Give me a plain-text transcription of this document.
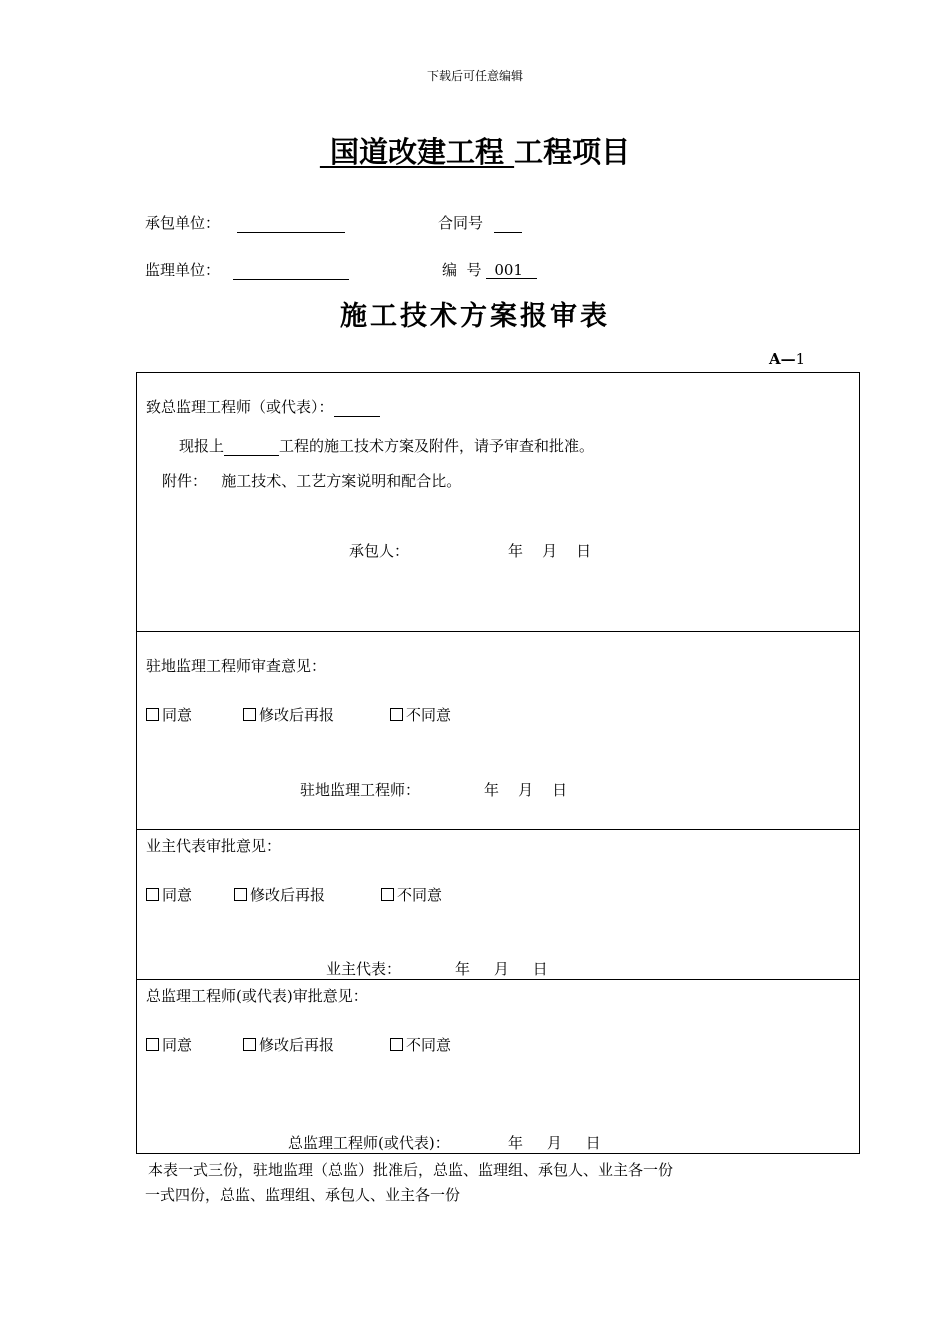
下载后可任意编辑
国道改建工程 工程项目
承包单位：	合同号
监理单位：	编  号 001
施工技术方案报审表
A—1
致总监理工程师（或代表）：
现报上	工程的施工技术方案及附件，请予审查和批准。
附件：   施工技术、工艺方案说明和配合比。
承包人：	年    月    日
驻地监理工程师审查意见：
同意	修改后再报	不同意
驻地监理工程师：	年    月    日
业主代表审批意见：
同意	修改后再报	不同意
业主代表：	年     月     日
总监理工程师(或代表)审批意见：
同意	修改后再报	不同意
总监理工程师(或代表)：	年     月     日
本表一式三份，驻地监理（总监）批准后，总监、监理组、承包人、业主各一份
一式四份，总监、监理组、承包人、业主各一份
